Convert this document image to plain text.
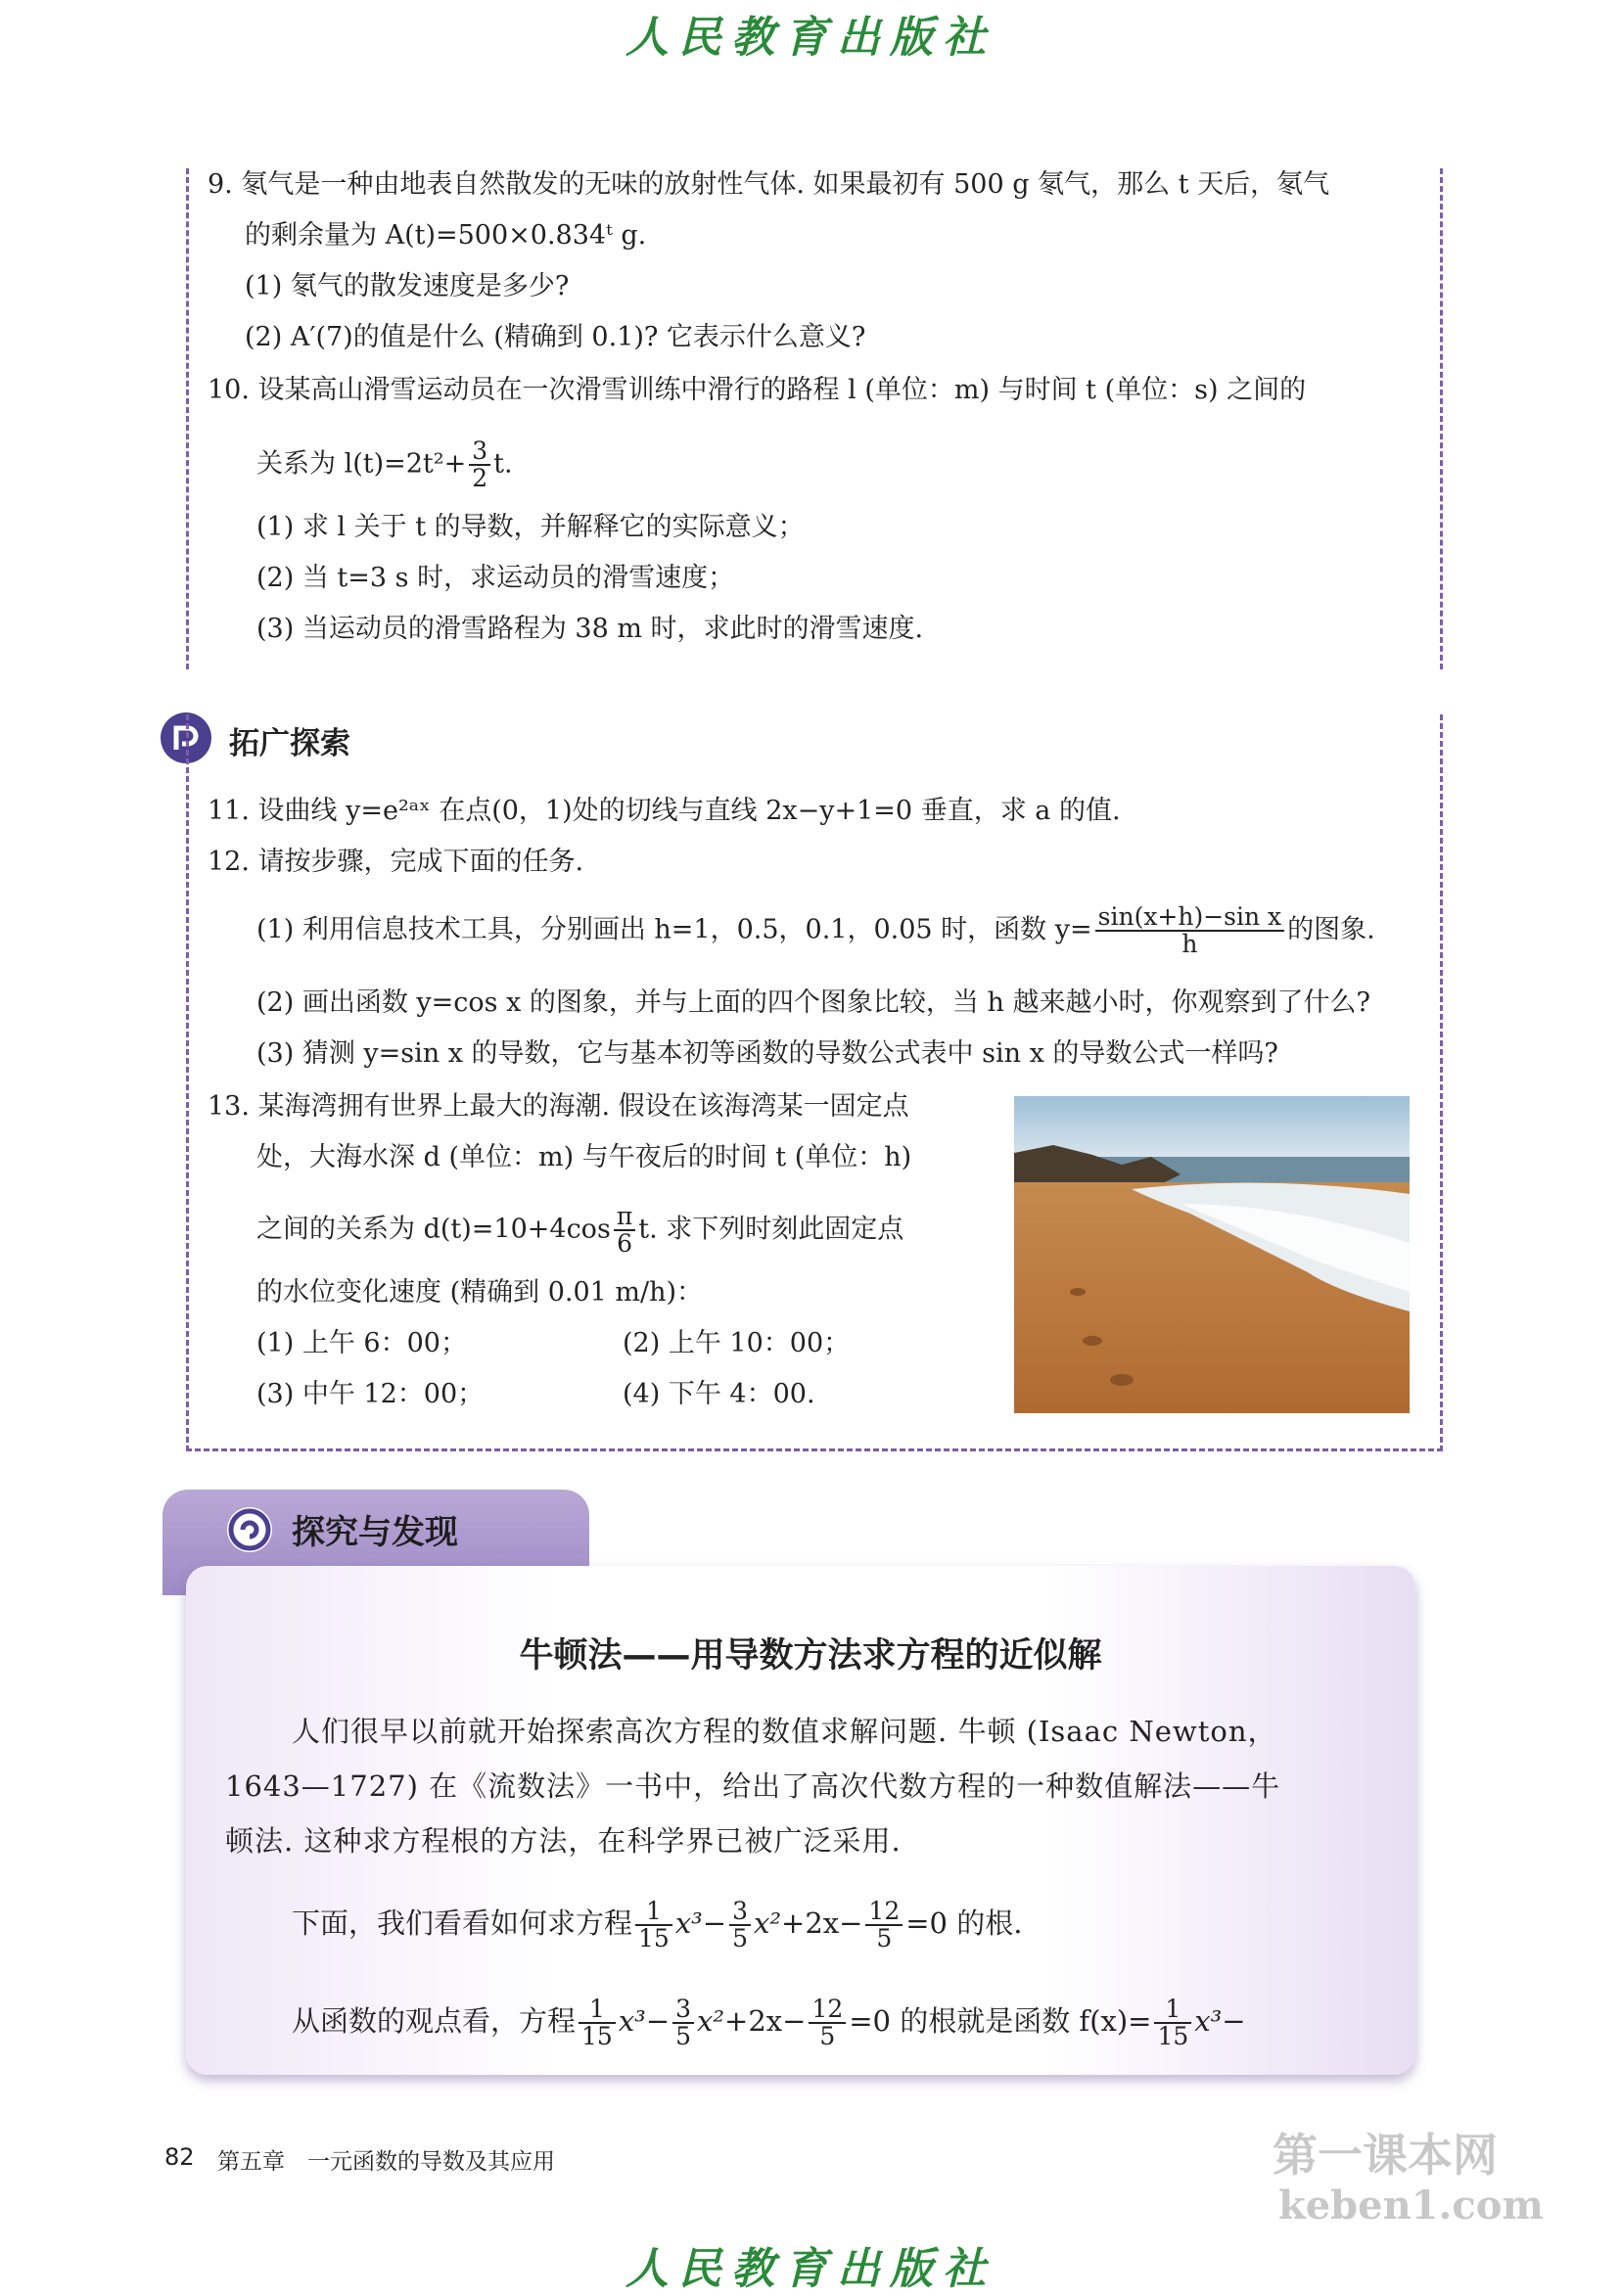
人民教育出版社
9. 氡气是一种由地表自然散发的无味的放射性气体. 如果最初有 500 g 氡气，那么 t 天后，氡气
的剩余量为 A(t)=500×0.834ᵗ g.
(1) 氡气的散发速度是多少?
(2) A′(7)的值是什么 (精确到 0.1)? 它表示什么意义?
10. 设某高山滑雪运动员在一次滑雪训练中滑行的路程 l (单位：m) 与时间 t (单位：s) 之间的
关系为 $l(t)=2t^2+ \frac{3}{2} t$.
(1) 求 l 关于 t 的导数，并解释它的实际意义；
(2) 当 t=3 s 时，求运动员的滑雪速度；
(3) 当运动员的滑雪路程为 38 m 时，求此时的滑雪速度.
拓广探索
11. 设曲线 y=e²ᵃˣ 在点(0，1)处的切线与直线 2x−y+1=0 垂直，求 a 的值.
12. 请按步骤，完成下面的任务.
(1) 利用信息技术工具，分别画出 h=1，0.5，0.1，0.05 时，函数 $y= \frac{\text{sin(x+h)−sin x}}{h}$ 的图象.
(2) 画出函数 y=cos x 的图象，并与上面的四个图象比较，当 h 越来越小时，你观察到了什么?
(3) 猜测 y=sin x 的导数，它与基本初等函数的导数公式表中 sin x 的导数公式一样吗?
13. 某海湾拥有世界上最大的海潮. 假设在该海湾某一固定点
处，大海水深 d (单位：m) 与午夜后的时间 t (单位：h)
之间的关系为 $d(t)=10+4\cos \frac{\pi}{6} t$. 求下列时刻此固定点
的水位变化速度 (精确到 0.01 m/h)：
(1) 上午 6：00；	(2) 上午 10：00；
(3) 中午 12：00；	(4) 下午 4：00.
探究与发现
牛顿法——用导数方法求方程的近似解
人们很早以前就开始探索高次方程的数值求解问题. 牛顿 (Isaac Newton，
1643—1727) 在《流数法》一书中，给出了高次代数方程的一种数值解法——牛
顿法. 这种求方程根的方法，在科学界已被广泛采用.
下面，我们看看如何求方程 $\frac{1}{15} x^3- \frac{3}{5} x^2+2x- \frac{12}{5} =0$ 的根.
从函数的观点看，方程 $\frac{1}{15} x^3- \frac{3}{5} x^2+2x- \frac{12}{5} =0$ 的根就是函数 $f(x)= \frac{1}{15} x^3-$
82 第五章　一元函数的导数及其应用	第一课本网
keben1.com
人民教育出版社
